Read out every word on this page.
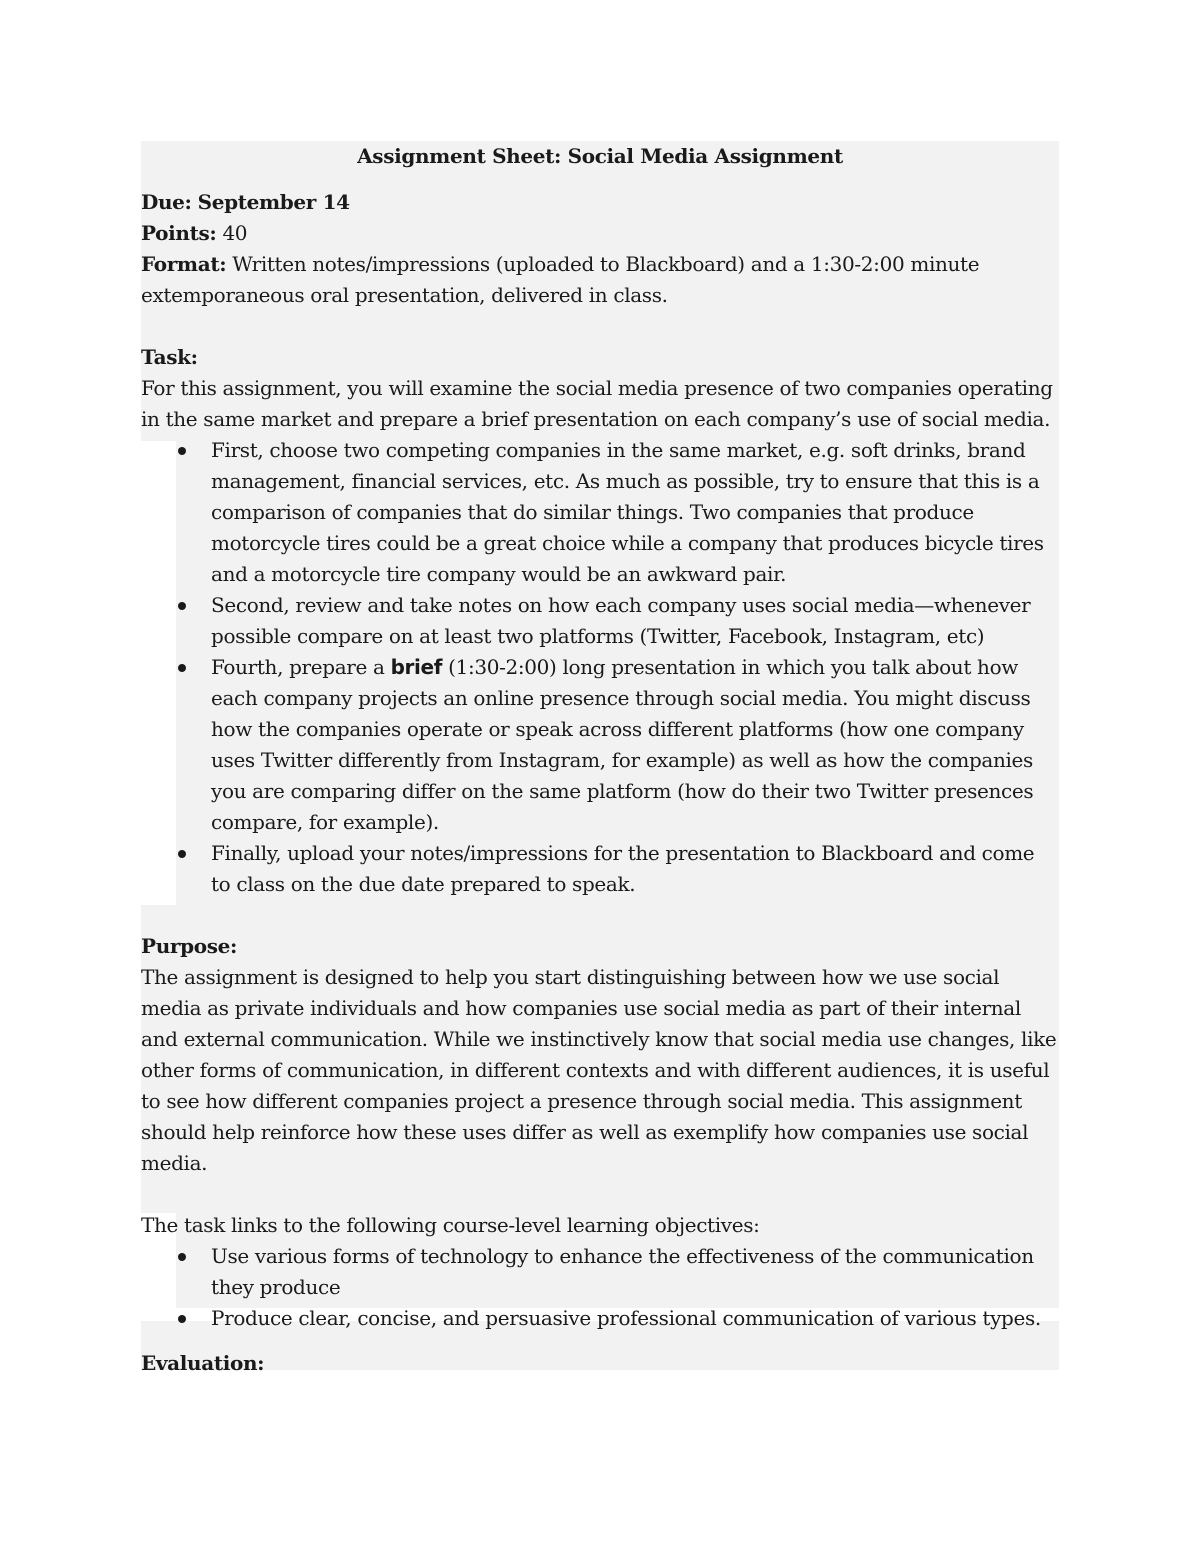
Assignment Sheet: Social Media Assignment

Due: September 14

Points: 40

Format: Written notes/impressions (uploaded to Blackboard) and a 1:30-2:00 minute extemporaneous oral presentation, delivered in class.

Task:

For this assignment, you will examine the social media presence of two companies operating in the same market and prepare a brief presentation on each company’s use of social media.

First, choose two competing companies in the same market, e.g. soft drinks, brand management, financial services, etc. As much as possible, try to ensure that this is a comparison of companies that do similar things. Two companies that produce motorcycle tires could be a great choice while a company that produces bicycle tires and a motorcycle tire company would be an awkward pair.
Second, review and take notes on how each company uses social media—whenever possible compare on at least two platforms (Twitter, Facebook, Instagram, etc)
Fourth, prepare a brief (1:30-2:00) long presentation in which you talk about how each company projects an online presence through social media. You might discuss how the companies operate or speak across different platforms (how one company uses Twitter differently from Instagram, for example) as well as how the companies you are comparing differ on the same platform (how do their two Twitter presences compare, for example).
Finally, upload your notes/impressions for the presentation to Blackboard and come to class on the due date prepared to speak.

Purpose:

The assignment is designed to help you start distinguishing between how we use social media as private individuals and how companies use social media as part of their internal and external communication. While we instinctively know that social media use changes, like other forms of communication, in different contexts and with different audiences, it is useful to see how different companies project a presence through social media. This assignment should help reinforce how these uses differ as well as exemplify how companies use social media.

The task links to the following course-level learning objectives:

Use various forms of technology to enhance the effectiveness of the communication they produce
Produce clear, concise, and persuasive professional communication of various types.

Evaluation:
